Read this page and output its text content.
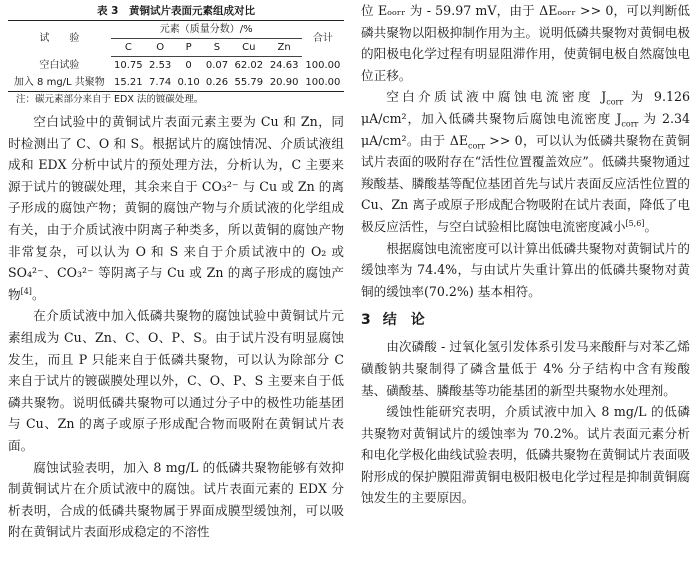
表 3　黄铜试片表面元素组成对比
试　　验	元素（质量分数）/%						合计
	C	O	P	S	Cu	Zn	
空白试验	10.75	2.53	0	0.07	62.02	24.63	100.00
加入 8 mg/L 共聚物	15.21	7.74	0.10	0.26	55.79	20.90	100.00
注：碳元素部分来自于 EDX 法的镀碳处理。

空白试验中的黄铜试片表面元素主要为 Cu 和 Zn，同时检测出了 C、O 和 S。根据试片的腐蚀情况、介质试液组成和 EDX 分析中试片的预处理方法，分析认为，C 主要来源于试片的镀碳处理，其余来自于 CO₃²⁻ 与 Cu 或 Zn 的离子形成的腐蚀产物；黄铜的腐蚀产物与介质试液的化学组成有关，由于介质试液中阴离子种类多，所以黄铜的腐蚀产物非常复杂，可以认为 O 和 S 来自于介质试液中的 O₂ 或 SO₄²⁻、CO₃²⁻ 等阴离子与 Cu 或 Zn 的离子形成的腐蚀产物[4]。

在介质试液中加入低磷共聚物的腐蚀试验中黄铜试片元素组成为 Cu、Zn、C、O、P、S。由于试片没有明显腐蚀发生，而且 P 只能来自于低磷共聚物，可以认为除部分 C 来自于试片的镀碳膜处理以外，C、O、P、S 主要来自于低磷共聚物。说明低磷共聚物可以通过分子中的极性功能基团与 Cu、Zn 的离子或原子形成配合物而吸附在黄铜试片表面。

腐蚀试验表明，加入 8 mg/L 的低磷共聚物能够有效抑制黄铜试片在介质试液中的腐蚀。试片表面元素的 EDX 分析表明，合成的低磷共聚物属于界面成膜型缓蚀剂，可以吸附在黄铜试片表面形成稳定的不溶性

位 Eₒₒᵣᵣ 为 - 59.97 mV，由于 ΔEₒₒᵣᵣ >> 0，可以判断低磷共聚物以阳极抑制作用为主。说明低磷共聚物对黄铜电极的阳极电化学过程有明显阻滞作用，使黄铜电极自然腐蚀电位正移。

空白介质试液中腐蚀电流密度 $J_{corr}$ 为 9.126 μA/cm²，加入低磷共聚物后腐蚀电流密度 $J_{corr}$ 为 2.34 μA/cm²。由于 $\Delta E_{corr} >> 0$，可以认为低磷共聚物在黄铜试片表面的吸附存在“活性位置覆盖效应”。低磷共聚物通过羧酸基、膦酸基等配位基团首先与试片表面反应活性位置的 Cu、Zn 离子或原子形成配合物吸附在试片表面，降低了电极反应活性，与空白试验相比腐蚀电流密度减小[5,6]。

根据腐蚀电流密度可以计算出低磷共聚物对黄铜试片的缓蚀率为 74.4%，与由试片失重计算出的低磷共聚物对黄铜的缓蚀率(70.2%) 基本相符。

3 结　论

由次磷酸 - 过氧化氢引发体系引发马来酸酐与对苯乙烯磺酸钠共聚制得了磷含量低于 4% 分子结构中含有羧酸基、磺酸基、膦酸基等功能基团的新型共聚物水处理剂。

缓蚀性能研究表明，介质试液中加入 8 mg/L 的低磷共聚物对黄铜试片的缓蚀率为 70.2%。试片表面元素分析和电化学极化曲线试验表明，低磷共聚物在黄铜试片表面吸附形成的保护膜阻滞黄铜电极阳极电化学过程是抑制黄铜腐蚀发生的主要原因。
